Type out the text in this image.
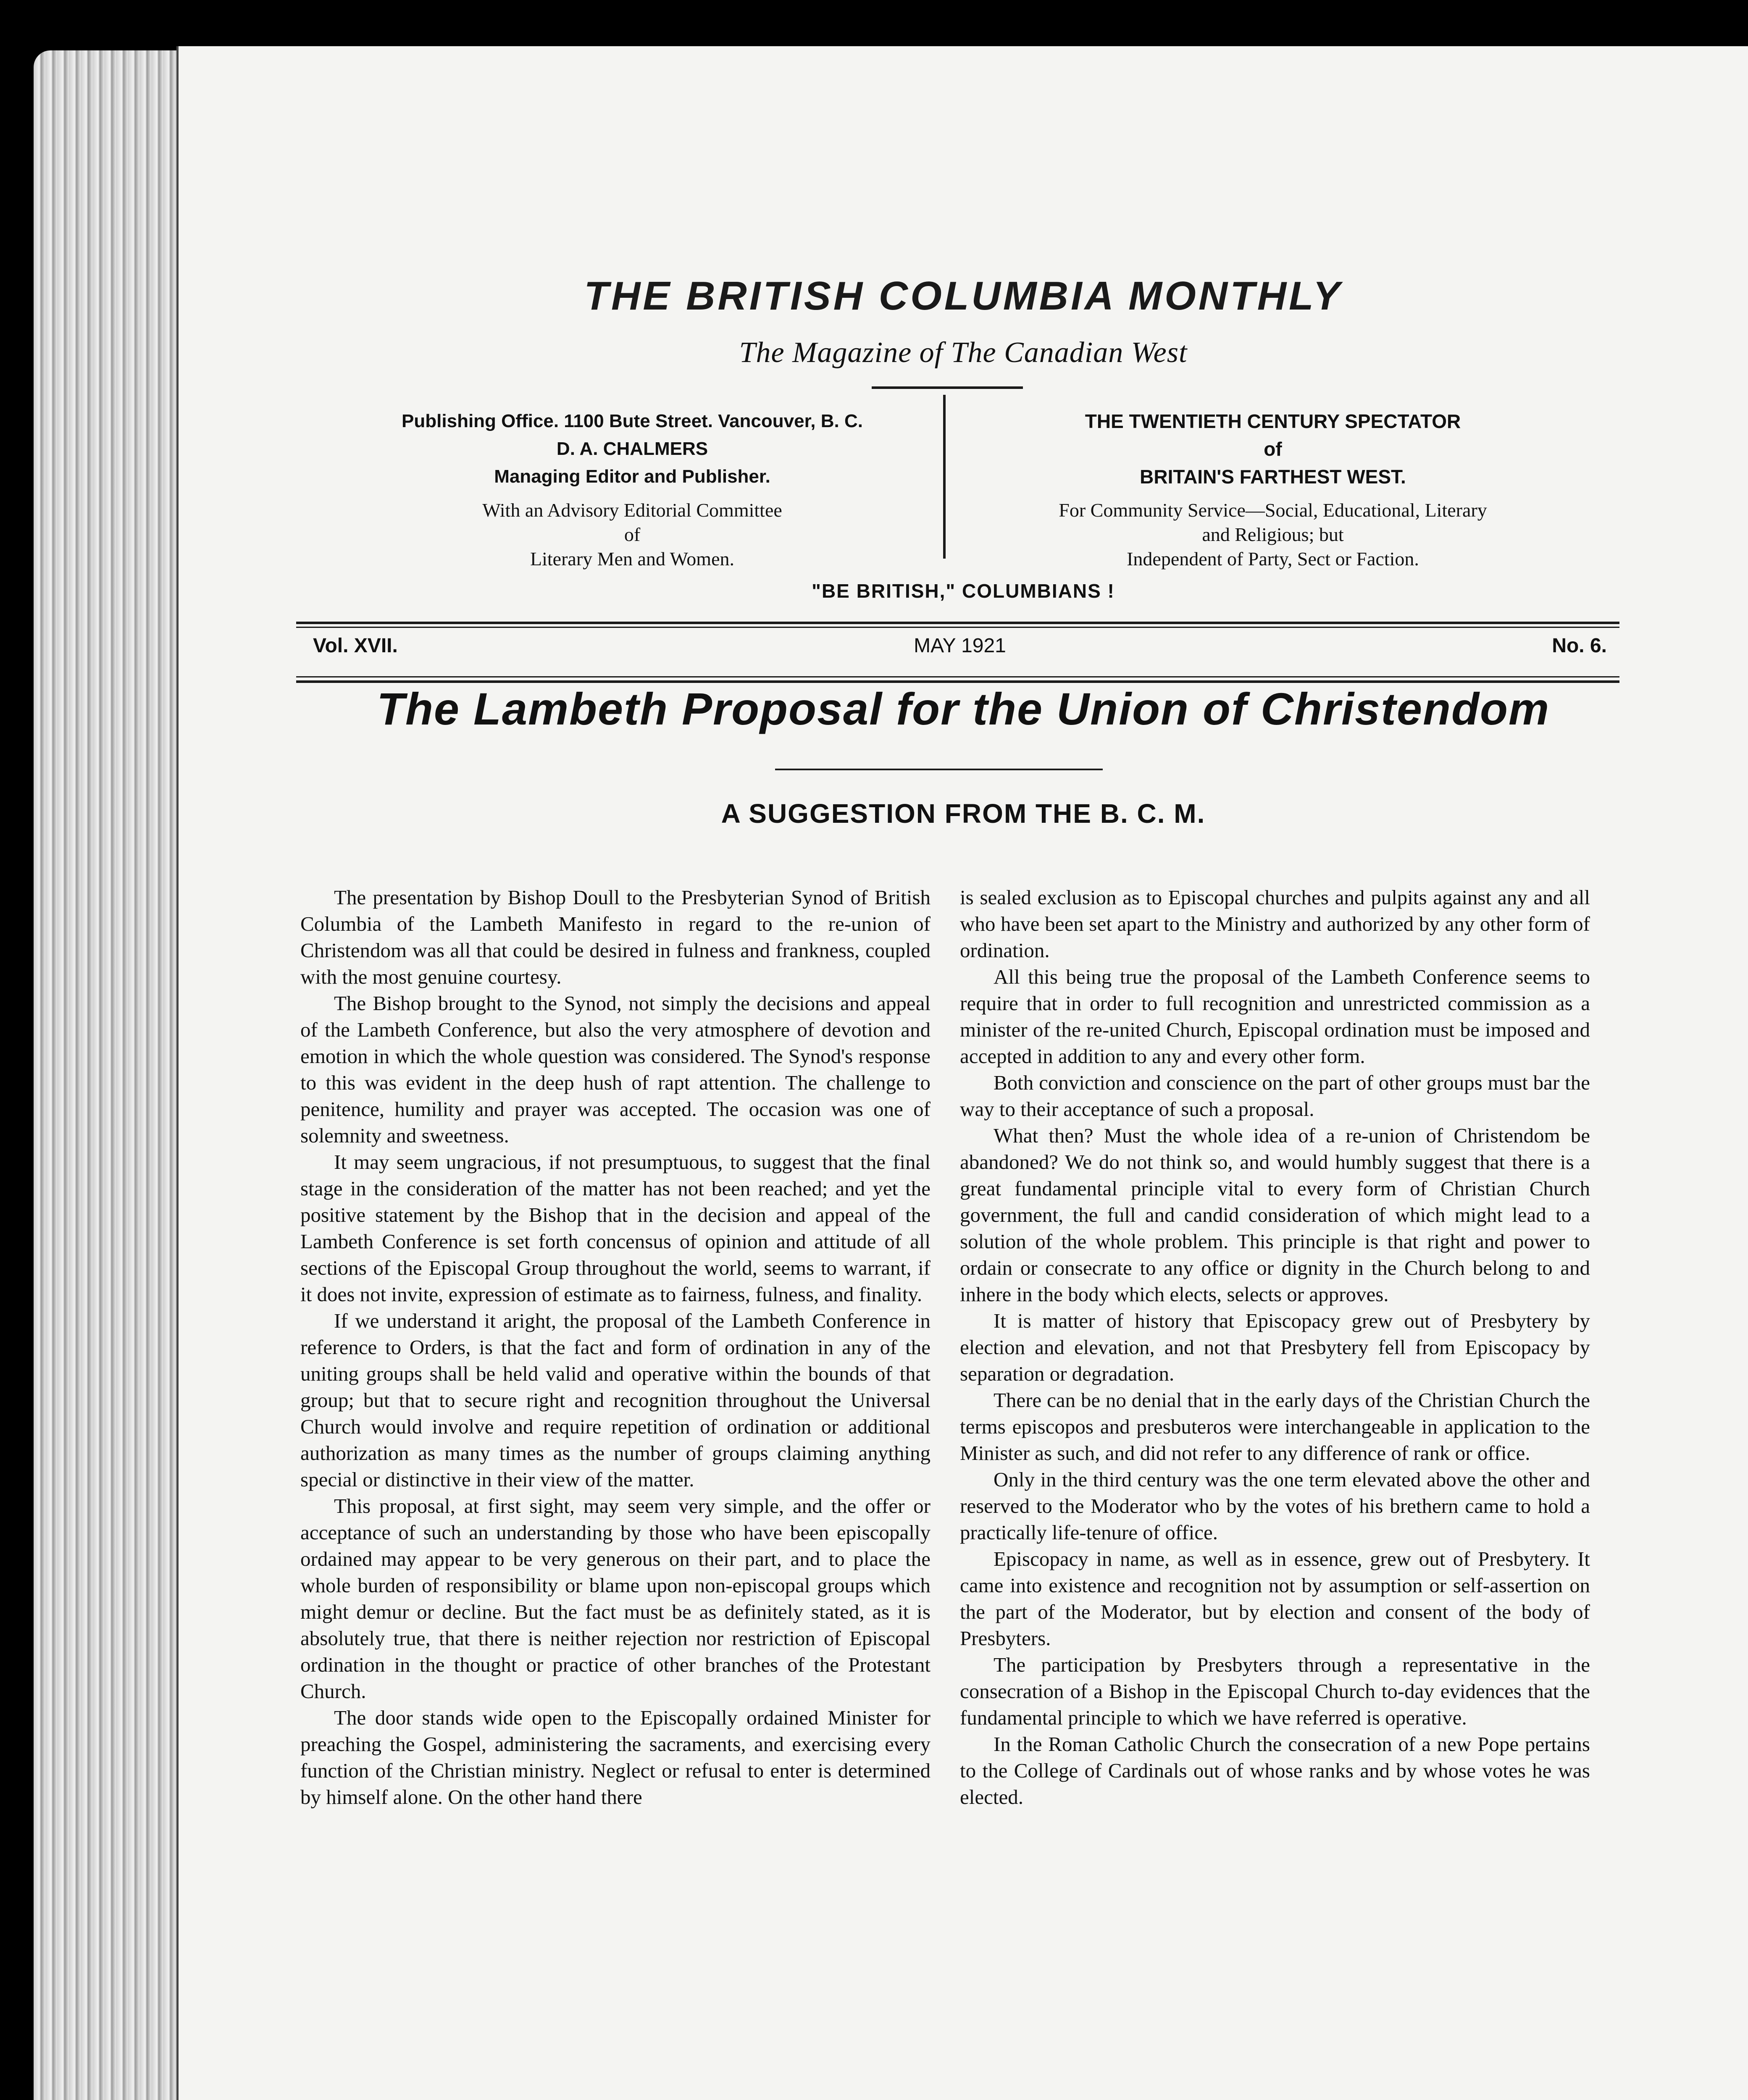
THE BRITISH COLUMBIA MONTHLY
The Magazine of The Canadian West
Publishing Office. 1100 Bute Street. Vancouver, B. C.
D. A. CHALMERS
Managing Editor and Publisher.
With an Advisory Editorial Committee
of
Literary Men and Women.
THE TWENTIETH CENTURY SPECTATOR
of
BRITAIN'S FARTHEST WEST.
For Community Service—Social, Educational, Literary
and Religious; but
Independent of Party, Sect or Faction.
"BE BRITISH," COLUMBIANS !
Vol. XVII.	MAY 1921	No. 6.
The Lambeth Proposal for the Union of Christendom
A SUGGESTION FROM THE B. C. M.

The presentation by Bishop Doull to the Presbyterian Synod of British Columbia of the Lambeth Manifesto in regard to the re-union of Christendom was all that could be desired in fulness and frankness, coupled with the most genuine courtesy.

The Bishop brought to the Synod, not simply the decisions and appeal of the Lambeth Conference, but also the very atmosphere of devotion and emotion in which the whole question was considered. The Synod's response to this was evident in the deep hush of rapt attention. The challenge to penitence, humility and prayer was accepted. The occasion was one of solemnity and sweetness.

It may seem ungracious, if not presumptuous, to suggest that the final stage in the consideration of the matter has not been reached; and yet the positive statement by the Bishop that in the decision and appeal of the Lambeth Conference is set forth concensus of opinion and attitude of all sections of the Episcopal Group throughout the world, seems to warrant, if it does not invite, expression of estimate as to fairness, fulness, and finality.

If we understand it aright, the proposal of the Lambeth Conference in reference to Orders, is that the fact and form of ordination in any of the uniting groups shall be held valid and operative within the bounds of that group; but that to secure right and recognition throughout the Universal Church would involve and require repetition of ordination or additional authorization as many times as the number of groups claiming anything special or distinctive in their view of the matter.

This proposal, at first sight, may seem very simple, and the offer or acceptance of such an understanding by those who have been episcopally ordained may appear to be very generous on their part, and to place the whole burden of responsibility or blame upon non-episcopal groups which might demur or decline. But the fact must be as definitely stated, as it is absolutely true, that there is neither rejection nor restriction of Episcopal ordination in the thought or practice of other branches of the Protestant Church.

The door stands wide open to the Episcopally ordained Minister for preaching the Gospel, administering the sacraments, and exercising every function of the Christian ministry. Neglect or refusal to enter is determined by himself alone. On the other hand there

is sealed exclusion as to Episcopal churches and pulpits against any and all who have been set apart to the Ministry and authorized by any other form of ordination.

All this being true the proposal of the Lambeth Conference seems to require that in order to full recognition and unrestricted commission as a minister of the re-united Church, Episcopal ordination must be imposed and accepted in addition to any and every other form.

Both conviction and conscience on the part of other groups must bar the way to their acceptance of such a proposal.

What then? Must the whole idea of a re-union of Christendom be abandoned? We do not think so, and would humbly suggest that there is a great fundamental principle vital to every form of Christian Church government, the full and candid consideration of which might lead to a solution of the whole problem. This principle is that right and power to ordain or consecrate to any office or dignity in the Church belong to and inhere in the body which elects, selects or approves.

It is matter of history that Episcopacy grew out of Presbytery by election and elevation, and not that Presbytery fell from Episcopacy by separation or degradation.

There can be no denial that in the early days of the Christian Church the terms episcopos and presbuteros were interchangeable in application to the Minister as such, and did not refer to any difference of rank or office.

Only in the third century was the one term elevated above the other and reserved to the Moderator who by the votes of his brethern came to hold a practically life-tenure of office.

Episcopacy in name, as well as in essence, grew out of Presbytery. It came into existence and recognition not by assumption or self-assertion on the part of the Moderator, but by election and consent of the body of Presbyters.

The participation by Presbyters through a representative in the consecration of a Bishop in the Episcopal Church to-day evidences that the fundamental principle to which we have referred is operative.

In the Roman Catholic Church the consecration of a new Pope pertains to the College of Cardinals out of whose ranks and by whose votes he was elected.
